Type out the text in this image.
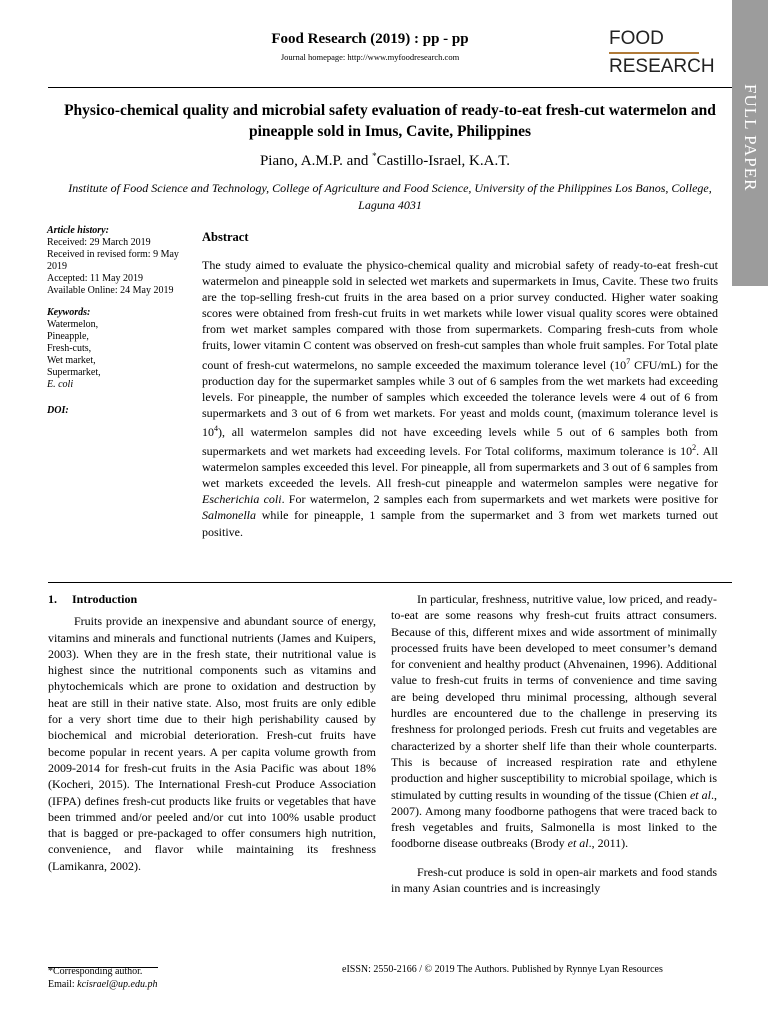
Food Research (2019) : pp - pp
Journal homepage: http://www.myfoodresearch.com
FOOD
RESEARCH
FULL PAPER
Physico-chemical quality and microbial safety evaluation of ready-to-eat fresh-cut watermelon and pineapple sold in Imus, Cavite, Philippines
Piano, A.M.P. and *Castillo-Israel, K.A.T.
Institute of Food Science and Technology, College of Agriculture and Food Science, University of the Philippines Los Banos, College, Laguna 4031
Article history:
Received: 29 March 2019
Received in revised form: 9 May 2019
Accepted: 11 May 2019
Available Online: 24 May 2019
Keywords:
Watermelon,
Pineapple,
Fresh-cuts,
Wet market,
Supermarket,
E. coli
DOI:
Abstract
The study aimed to evaluate the physico-chemical quality and microbial safety of ready-to-eat fresh-cut watermelon and pineapple sold in selected wet markets and supermarkets in Imus, Cavite. These two fruits are the top-selling fresh-cut fruits in the area based on a prior survey conducted. Higher water soaking scores were obtained from fresh-cut fruits in wet markets while lower visual quality scores were obtained from wet market samples compared with those from supermarkets. Comparing fresh-cuts from whole fruits, lower vitamin C content was observed on fresh-cut samples than whole fruit samples. For Total plate count of fresh-cut watermelons, no sample exceeded the maximum tolerance level ($10^7$ CFU/mL) for the production day for the supermarket samples while 3 out of 6 samples from the wet markets had exceeding levels. For pineapple, the number of samples which exceeded the tolerance levels were 4 out of 6 from supermarkets and 3 out of 6 from wet markets. For yeast and molds count, (maximum tolerance level is $10^4$), all watermelon samples did not have exceeding levels while 5 out of 6 samples both from supermarkets and wet markets had exceeding levels. For Total coliforms, maximum tolerance is $10^2$. All watermelon samples exceeded this level. For pineapple, all from supermarkets and 3 out of 6 samples from wet markets exceeded the levels. All fresh-cut pineapple and watermelon samples were negative for Escherichia coli. For watermelon, 2 samples each from supermarkets and wet markets were positive for Salmonella while for pineapple, 1 sample from the supermarket and 3 from wet markets turned out positive.
1. Introduction

Fruits provide an inexpensive and abundant source of energy, vitamins and minerals and functional nutrients (James and Kuipers, 2003). When they are in the fresh state, their nutritional value is highest since the nutritional components such as vitamins and phytochemicals which are prone to oxidation and destruction by heat are still in their native state. Also, most fruits are only edible for a very short time due to their high perishability caused by biochemical and microbial deterioration. Fresh-cut fruits have become popular in recent years. A per capita volume growth from 2009-2014 for fresh-cut fruits in the Asia Pacific was about 18% (Kocheri, 2015). The International Fresh-cut Produce Association (IFPA) defines fresh-cut products like fruits or vegetables that have been trimmed and/or peeled and/or cut into 100% usable product that is bagged or pre-packaged to offer consumers high nutrition, convenience, and flavor while maintaining its freshness (Lamikanra, 2002).

In particular, freshness, nutritive value, low priced, and ready-to-eat are some reasons why fresh-cut fruits attract consumers. Because of this, different mixes and wide assortment of minimally processed fruits have been developed to meet consumer’s demand for convenient and healthy product (Ahvenainen, 1996). Additional value to fresh-cut fruits in terms of convenience and time saving are being developed thru minimal processing, although several hurdles are encountered due to the challenge in preserving its freshness for prolonged periods. Fresh cut fruits and vegetables are characterized by a shorter shelf life than their whole counterparts. This is because of increased respiration rate and ethylene production and higher susceptibility to microbial spoilage, which is stimulated by cutting results in wounding of the tissue (Chien et al., 2007). Among many foodborne pathogens that were traced back to fresh vegetables and fruits, Salmonella is most linked to the foodborne disease outbreaks (Brody et al., 2011).

Fresh-cut produce is sold in open-air markets and food stands in many Asian countries and is increasingly

*Corresponding author.
Email: kcisrael@up.edu.ph
eISSN: 2550-2166 / © 2019 The Authors. Published by Rynnye Lyan Resources
